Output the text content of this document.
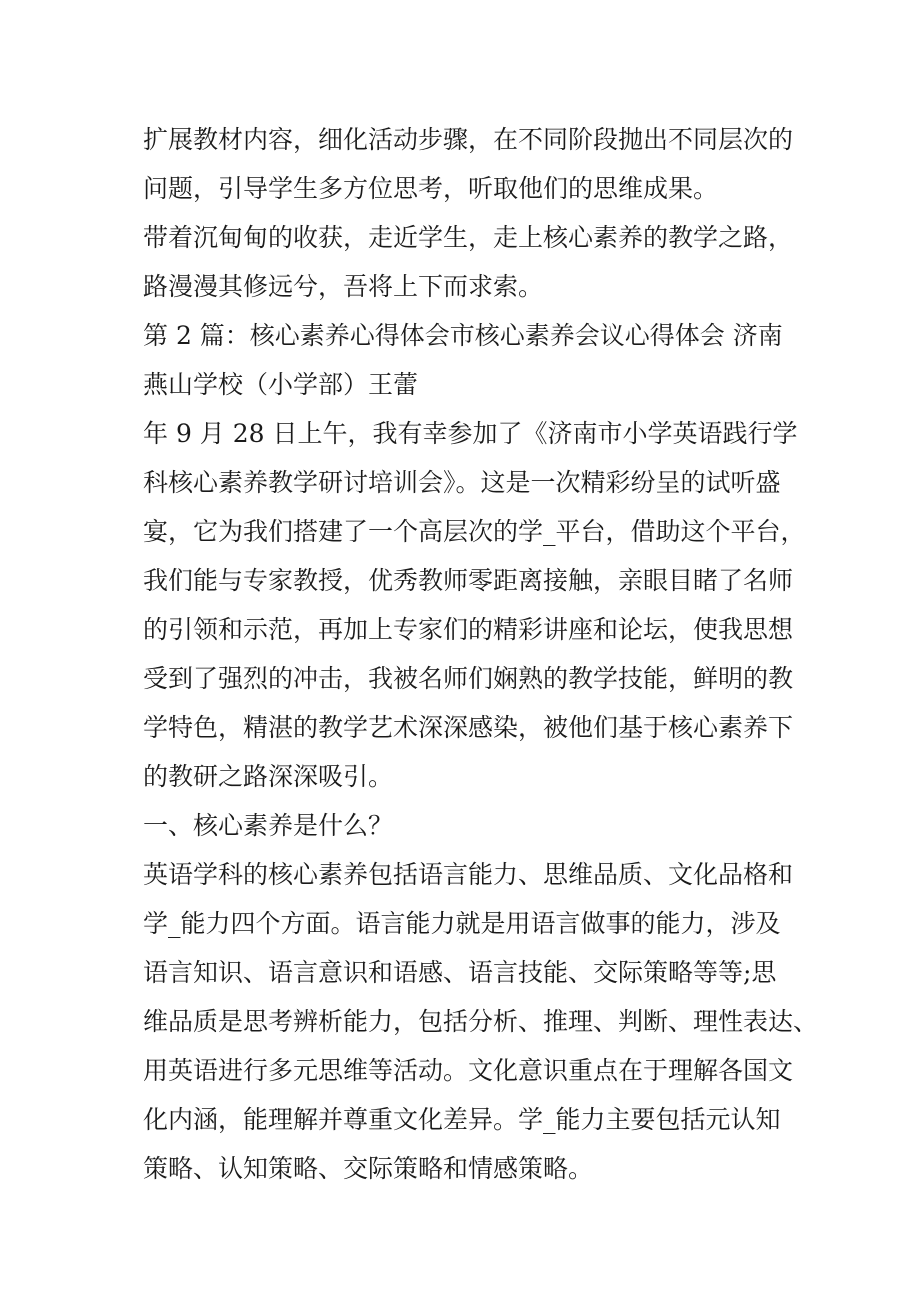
扩展教材内容，细化活动步骤，在不同阶段抛出不同层次的
问题，引导学生多方位思考，听取他们的思维成果。
带着沉甸甸的收获，走近学生，走上核心素养的教学之路，
路漫漫其修远兮，吾将上下而求索。
第 2 篇：核心素养心得体会市核心素养会议心得体会 济南
燕山学校（小学部）王蕾
年 9 月 28 日上午，我有幸参加了《济南市小学英语践行学
科核心素养教学研讨培训会》。这是一次精彩纷呈的试听盛
宴，它为我们搭建了一个高层次的学_平台，借助这个平台，
我们能与专家教授，优秀教师零距离接触，亲眼目睹了名师
的引领和示范，再加上专家们的精彩讲座和论坛，使我思想
受到了强烈的冲击，我被名师们娴熟的教学技能，鲜明的教
学特色，精湛的教学艺术深深感染，被他们基于核心素养下
的教研之路深深吸引。
一、核心素养是什么？
英语学科的核心素养包括语言能力、思维品质、文化品格和
学_能力四个方面。语言能力就是用语言做事的能力，涉及
语言知识、语言意识和语感、语言技能、交际策略等等;思
维品质是思考辨析能力，包括分析、推理、判断、理性表达、
用英语进行多元思维等活动。文化意识重点在于理解各国文
化内涵，能理解并尊重文化差异。学_能力主要包括元认知
策略、认知策略、交际策略和情感策略。
